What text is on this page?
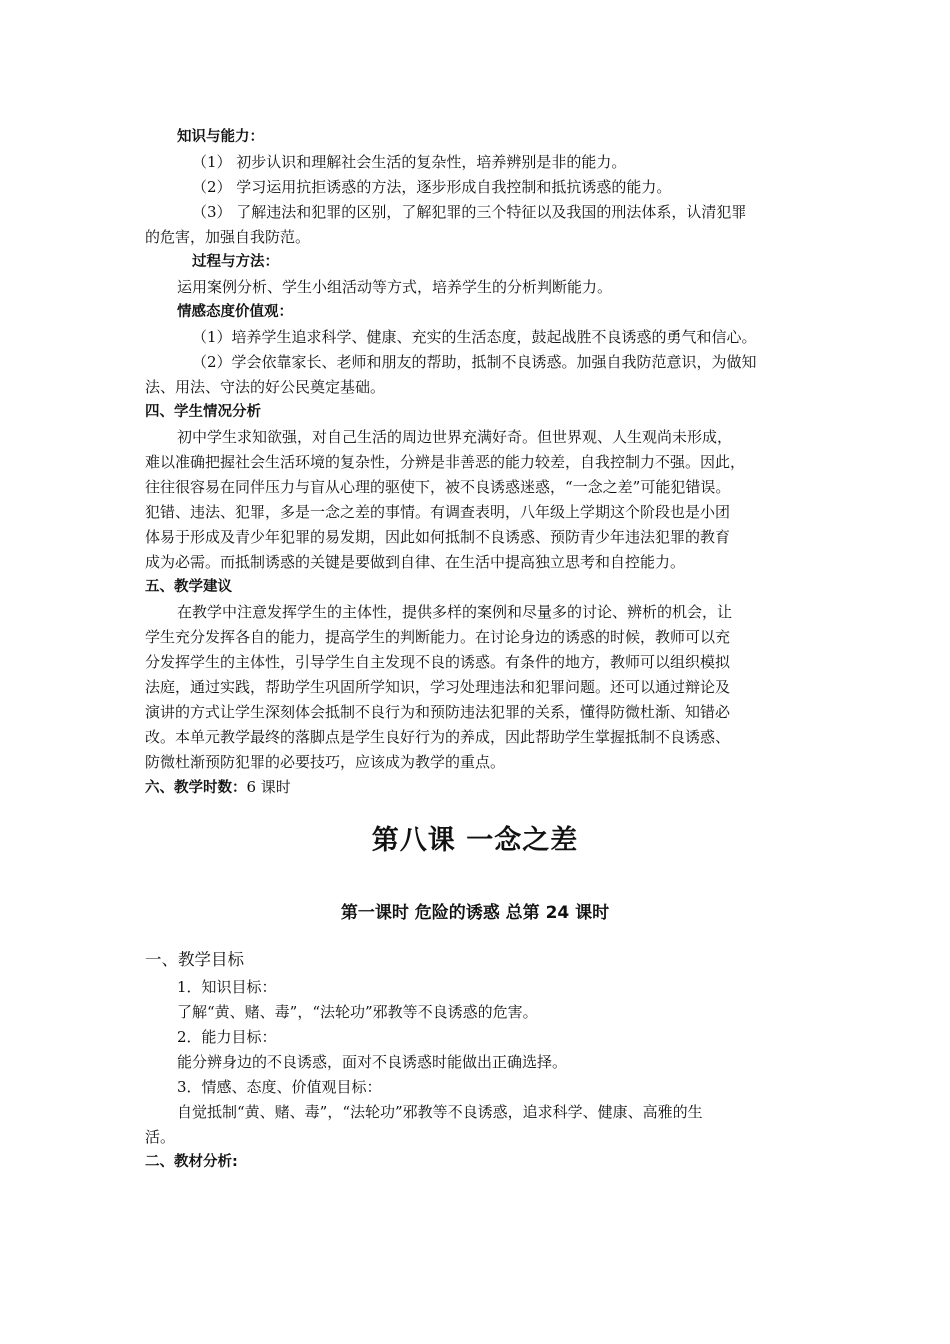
知识与能力：
（1） 初步认识和理解社会生活的复杂性，培养辨别是非的能力。
（2） 学习运用抗拒诱惑的方法，逐步形成自我控制和抵抗诱惑的能力。
（3） 了解违法和犯罪的区别，了解犯罪的三个特征以及我国的刑法体系，认清犯罪
的危害，加强自我防范。
过程与方法：
运用案例分析、学生小组活动等方式，培养学生的分析判断能力。
情感态度价值观：
（1）培养学生追求科学、健康、充实的生活态度，鼓起战胜不良诱惑的勇气和信心。
（2）学会依靠家长、老师和朋友的帮助，抵制不良诱惑。加强自我防范意识，为做知
法、用法、守法的好公民奠定基础。
四、学生情况分析
初中学生求知欲强，对自己生活的周边世界充满好奇。但世界观、人生观尚未形成，
难以准确把握社会生活环境的复杂性，分辨是非善恶的能力较差，自我控制力不强。因此，
往往很容易在同伴压力与盲从心理的驱使下，被不良诱惑迷惑，“一念之差”可能犯错误。
犯错、违法、犯罪，多是一念之差的事情。有调查表明，八年级上学期这个阶段也是小团
体易于形成及青少年犯罪的易发期，因此如何抵制不良诱惑、预防青少年违法犯罪的教育
成为必需。而抵制诱惑的关键是要做到自律、在生活中提高独立思考和自控能力。
五、教学建议
在教学中注意发挥学生的主体性，提供多样的案例和尽量多的讨论、辨析的机会，让
学生充分发挥各自的能力，提高学生的判断能力。在讨论身边的诱惑的时候，教师可以充
分发挥学生的主体性，引导学生自主发现不良的诱惑。有条件的地方，教师可以组织模拟
法庭，通过实践，帮助学生巩固所学知识，学习处理违法和犯罪问题。还可以通过辩论及
演讲的方式让学生深刻体会抵制不良行为和预防违法犯罪的关系，懂得防微杜渐、知错必
改。本单元教学最终的落脚点是学生良好行为的养成，因此帮助学生掌握抵制不良诱惑、
防微杜渐预防犯罪的必要技巧，应该成为教学的重点。
六、教学时数：6 课时
第八课 一念之差
第一课时 危险的诱惑 总第 24 课时
一、教学目标
1．知识目标：
了解“黄、赌、毒”，“法轮功”邪教等不良诱惑的危害。
2．能力目标：
能分辨身边的不良诱惑，面对不良诱惑时能做出正确选择。
3．情感、态度、价值观目标：
自觉抵制“黄、赌、毒”，“法轮功”邪教等不良诱惑，追求科学、健康、高雅的生
活。
二、教材分析:
